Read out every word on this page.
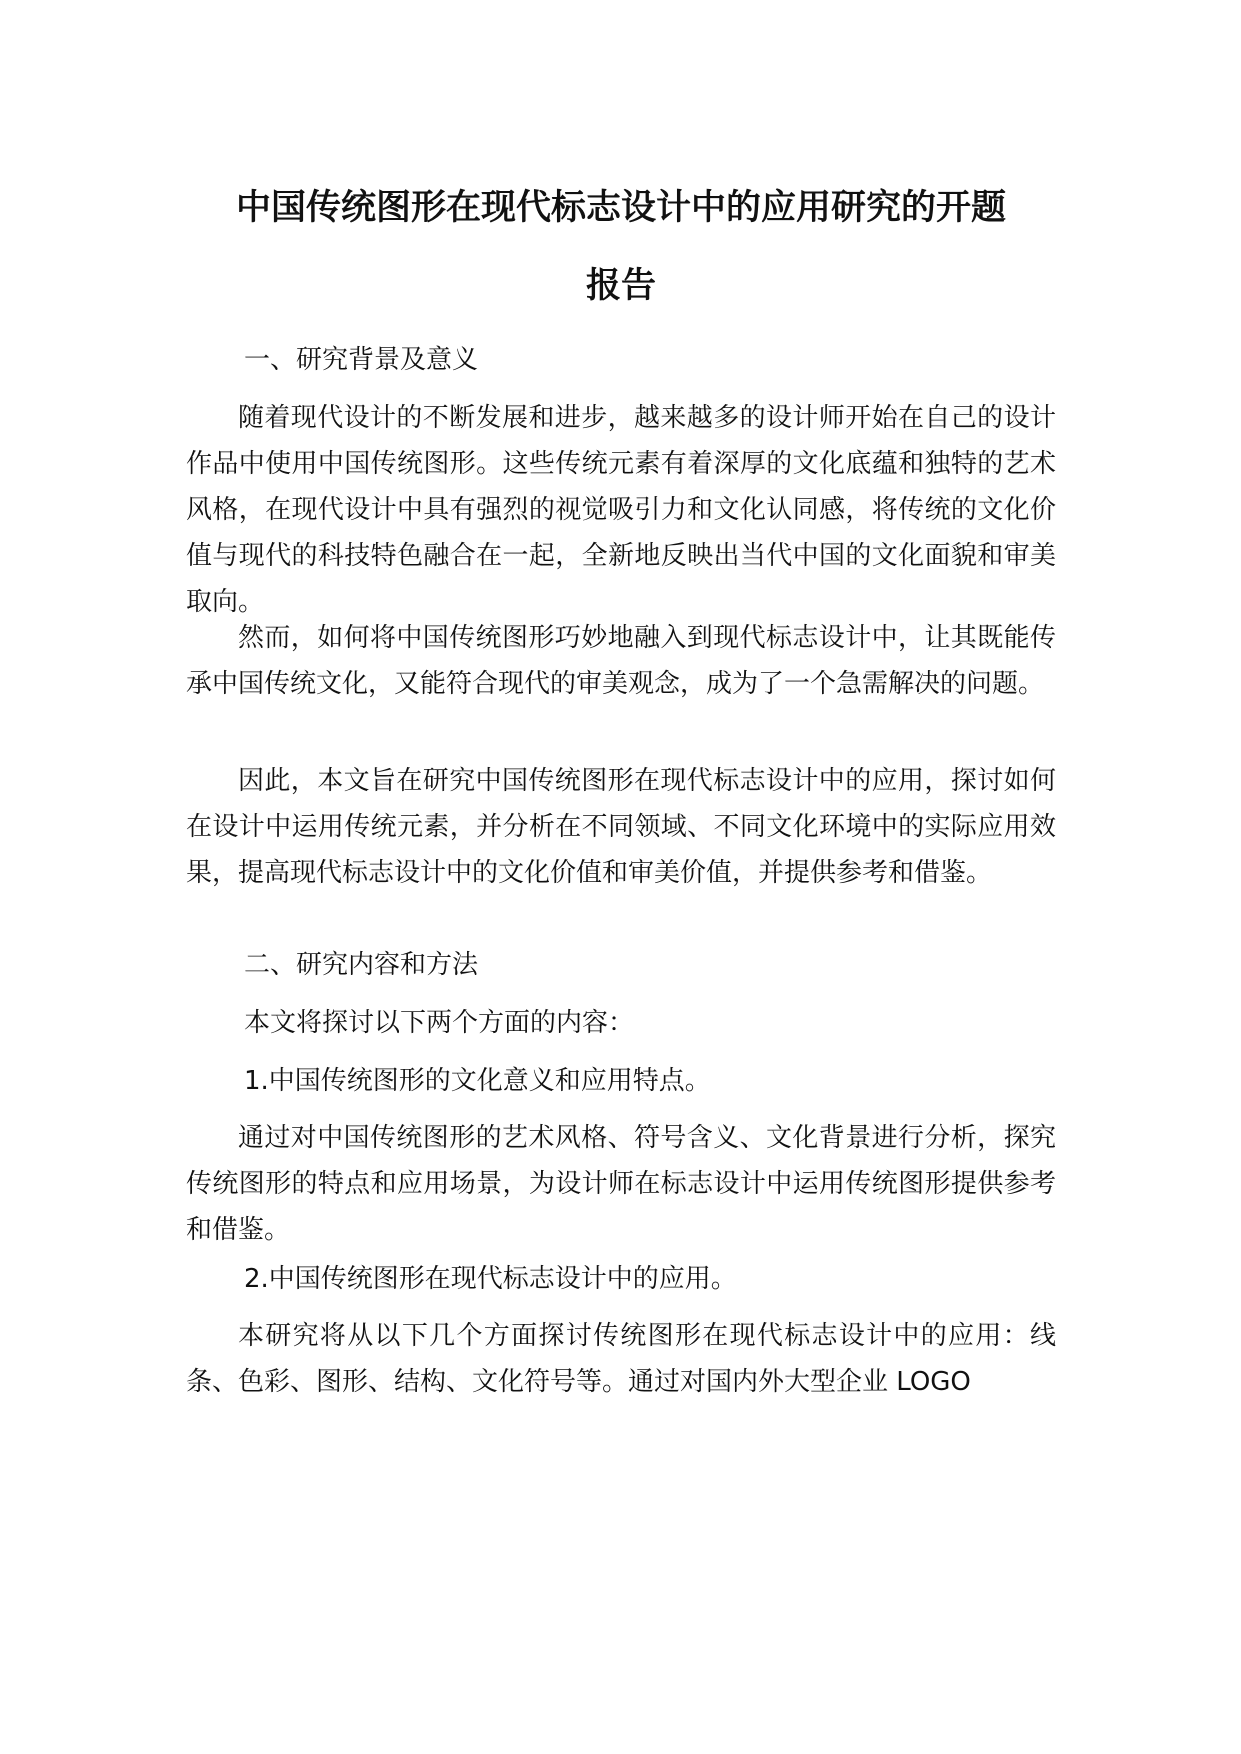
中国传统图形在现代标志设计中的应用研究的开题
报告
一、研究背景及意义

随着现代设计的不断发展和进步，越来越多的设计师开始在自己的设计作品中使用中国传统图形。这些传统元素有着深厚的文化底蕴和独特的艺术风格，在现代设计中具有强烈的视觉吸引力和文化认同感，将传统的文化价值与现代的科技特色融合在一起，全新地反映出当代中国的文化面貌和审美取向。

然而，如何将中国传统图形巧妙地融入到现代标志设计中，让其既能传承中国传统文化，又能符合现代的审美观念，成为了一个急需解决的问题。

因此，本文旨在研究中国传统图形在现代标志设计中的应用，探讨如何在设计中运用传统元素，并分析在不同领域、不同文化环境中的实际应用效果，提高现代标志设计中的文化价值和审美价值，并提供参考和借鉴。

二、研究内容和方法
本文将探讨以下两个方面的内容：
1.中国传统图形的文化意义和应用特点。

通过对中国传统图形的艺术风格、符号含义、文化背景进行分析，探究传统图形的特点和应用场景，为设计师在标志设计中运用传统图形提供参考和借鉴。

2.中国传统图形在现代标志设计中的应用。

本研究将从以下几个方面探讨传统图形在现代标志设计中的应用：线条、色彩、图形、结构、文化符号等。通过对国内外大型企业 LOGO
